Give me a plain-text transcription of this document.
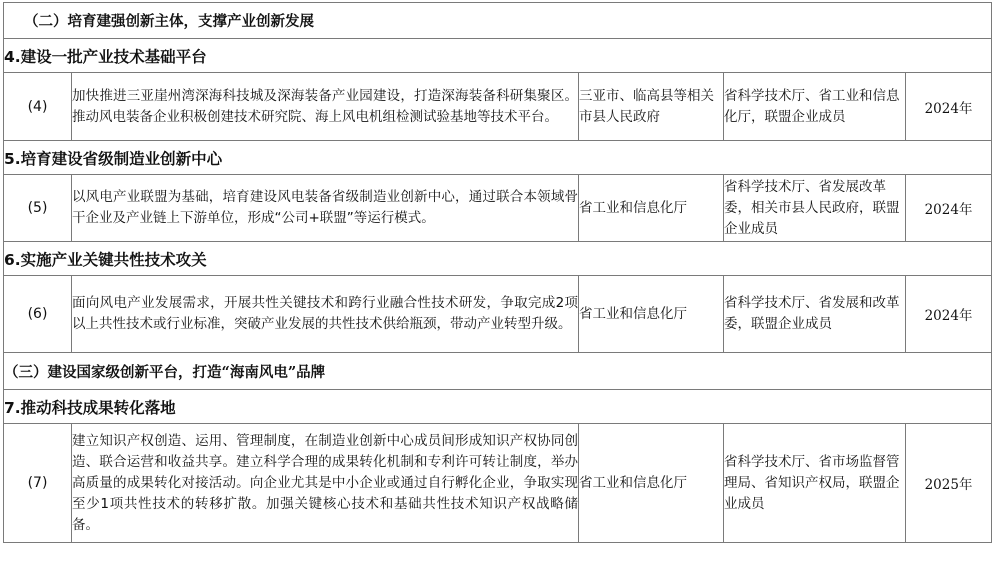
（二）培育建强创新主体，支撑产业创新发展				
4.建设一批产业技术基础平台				
(4)	加快推进三亚崖州湾深海科技城及深海装备产业园建设，打造深海装备科研集聚区。推动风电装备企业积极创建技术研究院、海上风电机组检测试验基地等技术平台。	三亚市、临高县等相关市县人民政府	省科学技术厅、省工业和信息化厅，联盟企业成员	2024年
5.培育建设省级制造业创新中心				
(5)	以风电产业联盟为基础，培育建设风电装备省级制造业创新中心，通过联合本领域骨干企业及产业链上下游单位，形成“公司+联盟”等运行模式。	省工业和信息化厅	省科学技术厅、省发展改革委，相关市县人民政府，联盟企业成员	2024年
6.实施产业关键共性技术攻关				
(6)	面向风电产业发展需求，开展共性关键技术和跨行业融合性技术研发，争取完成2项以上共性技术或行业标准，突破产业发展的共性技术供给瓶颈，带动产业转型升级。	省工业和信息化厅	省科学技术厅、省发展和改革委，联盟企业成员	2024年
（三）建设国家级创新平台，打造“海南风电”品牌				
7.推动科技成果转化落地				
(7)	建立知识产权创造、运用、管理制度，在制造业创新中心成员间形成知识产权协同创造、联合运营和收益共享。建立科学合理的成果转化机制和专利许可转让制度，举办高质量的成果转化对接活动。向企业尤其是中小企业或通过自行孵化企业，争取实现至少1项共性技术的转移扩散。加强关键核心技术和基础共性技术知识产权战略储备。	省工业和信息化厅	省科学技术厅、省市场监督管理局、省知识产权局，联盟企业成员	2025年
